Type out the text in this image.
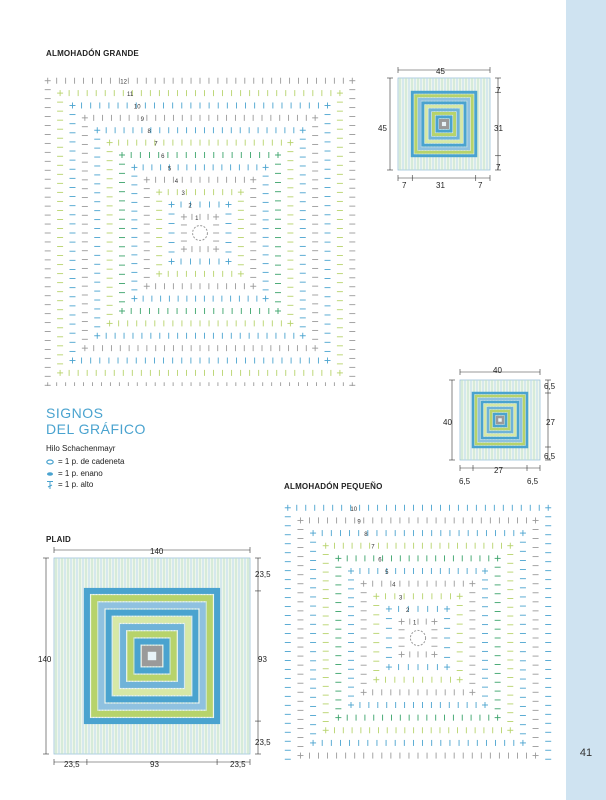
41
ALMOHADÓN GRANDE
1
2
3
4
5
6
7
8
9
10
11
12
45
45
7
31
7
7	31	7
40
40
6,5
27
6,5
6,5
27
6,5
SIGNOS
DEL GRÁFICO
Hilo Schachenmayr
= 1 p. de cadeneta
= 1 p. enano
= 1 p. alto	ALMOHADÓN PEQUEÑO
1
2
3
4
5
6
7
8
9
10
PLAID
140
140
23,5
93
23,5
23,5	93	23,5
